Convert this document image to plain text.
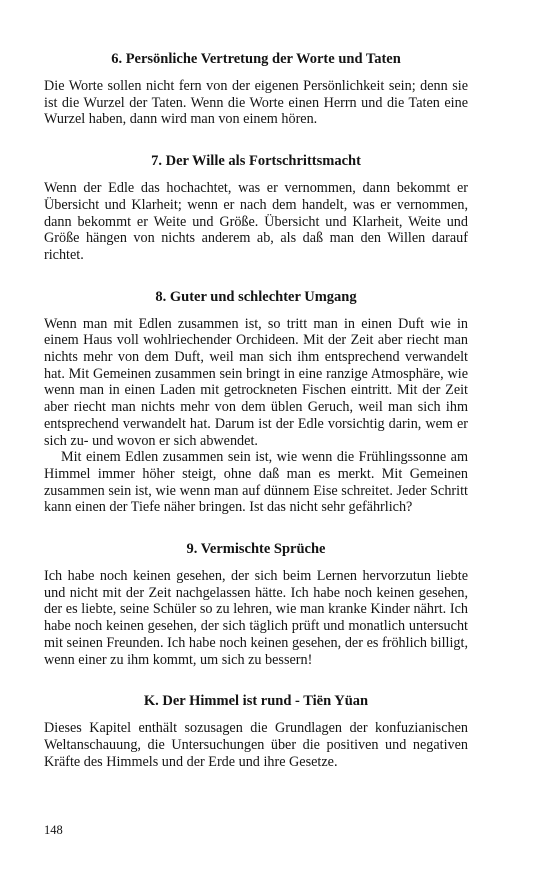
6. Persönliche Vertretung der Worte und Taten

Die Worte sollen nicht fern von der eigenen Persönlichkeit sein; denn sie ist die Wurzel der Taten. Wenn die Worte einen Herrn und die Taten eine Wurzel haben, dann wird man von einem hören.

7. Der Wille als Fortschrittsmacht

Wenn der Edle das hochachtet, was er vernommen, dann bekommt er Übersicht und Klarheit; wenn er nach dem handelt, was er vernommen, dann bekommt er Weite und Größe. Übersicht und Klarheit, Weite und Größe hängen von nichts anderem ab, als daß man den Willen darauf richtet.

8. Guter und schlechter Umgang

Wenn man mit Edlen zusammen ist, so tritt man in einen Duft wie in einem Haus voll wohlriechender Orchideen. Mit der Zeit aber riecht man nichts mehr von dem Duft, weil man sich ihm entsprechend verwandelt hat. Mit Gemeinen zusammen sein bringt in eine ranzige Atmosphäre, wie wenn man in einen Laden mit getrockneten Fischen eintritt. Mit der Zeit aber riecht man nichts mehr von dem üblen Geruch, weil man sich ihm entsprechend verwandelt hat. Darum ist der Edle vorsichtig darin, wem er sich zu- und wovon er sich abwendet.

Mit einem Edlen zusammen sein ist, wie wenn die Frühlingssonne am Himmel immer höher steigt, ohne daß man es merkt. Mit Gemeinen zusammen sein ist, wie wenn man auf dünnem Eise schreitet. Jeder Schritt kann einen der Tiefe näher bringen. Ist das nicht sehr gefährlich?

9. Vermischte Sprüche

Ich habe noch keinen gesehen, der sich beim Lernen hervorzutun liebte und nicht mit der Zeit nachgelassen hätte. Ich habe noch keinen gesehen, der es liebte, seine Schüler so zu lehren, wie man kranke Kinder nährt. Ich habe noch keinen gesehen, der sich täglich prüft und monatlich untersucht mit seinen Freunden. Ich habe noch keinen gesehen, der es fröhlich billigt, wenn einer zu ihm kommt, um sich zu bessern!

K. Der Himmel ist rund - Tiën Yüan

Dieses Kapitel enthält sozusagen die Grundlagen der konfuzianischen Weltanschauung, die Untersuchungen über die positiven und negativen Kräfte des Himmels und der Erde und ihre Gesetze.

148
